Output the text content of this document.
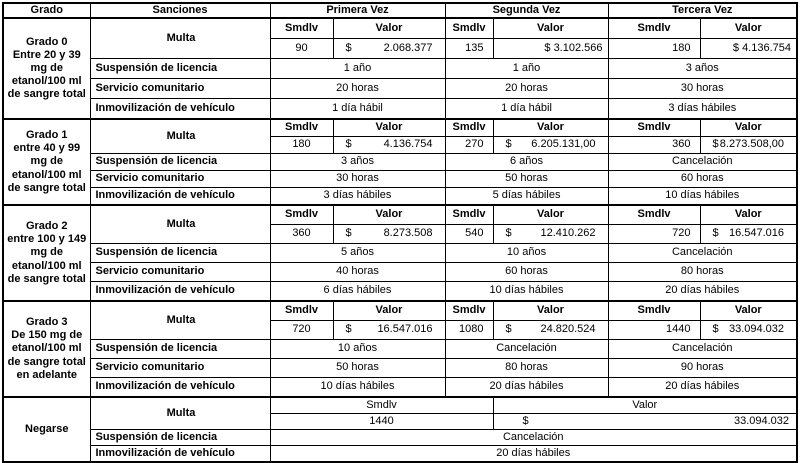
Grado	Sanciones	Primera Vez		Segunda Vez		Tercera Vez	

Grado 0
Entre 20 y 39
mg de
etanol/100 ml
de sangre total	Multa	Smdlv	Valor	Smdlv	Valor	Smdlv	Valor
		90	$ 2.068.377	135	$ 3.102.566	180	$ 4.136.754
	Suspensión de licencia	1 año		1 año		3 años	
	Servicio comunitario	20 horas		20 horas		30 horas	
	Inmovilización de vehículo	1 día hábil		1 día hábil		3 días hábiles	

Grado 1
entre 40 y 99
mg de
etanol/100 ml
de sangre total	Multa	Smdlv	Valor	Smdlv	Valor	Smdlv	Valor
		180	$ 4.136.754	270	$ 6.205.131,00	360	$ 8.273.508,00

	Suspensión de licencia	3 años		6 años		Cancelación	
	Servicio comunitario	30 horas		50 horas		60 horas	
	Inmovilización de vehículo	3 días hábiles		5 días hábiles		10 días hábiles	

Grado 2
entre 100 y 149
mg de
etanol/100 ml
de sangre total	Multa	Smdlv	Valor	Smdlv	Valor	Smdlv	Valor
		360	$ 8.273.508	540	$ 12.410.262	720	$ 16.547.016

	Suspensión de licencia	5 años		10 años		Cancelación	
	Servicio comunitario	40 horas		60 horas		80 horas	
	Inmovilización de vehículo	6 días hábiles		10 días hábiles		20 días hábiles	

Grado 3
De 150 mg de
etanol/100 ml
de sangre total
en adelante	Multa	Smdlv	Valor	Smdlv	Valor	Smdlv	Valor
		720	$ 16.547.016	1080	$ 24.820.524	1440	$ 33.094.032

	Suspensión de licencia	10 años		Cancelación		Cancelación	
	Servicio comunitario	50 horas		80 horas		90 horas	
	Inmovilización de vehículo	10 días hábiles		20 días hábiles		20 días hábiles	
Negarse	Multa	Smdlv			Valor		
		1440			$ 33.094.032		

	Suspensión de licencia	Cancelación					
	Inmovilización de vehículo	20 días hábiles					
